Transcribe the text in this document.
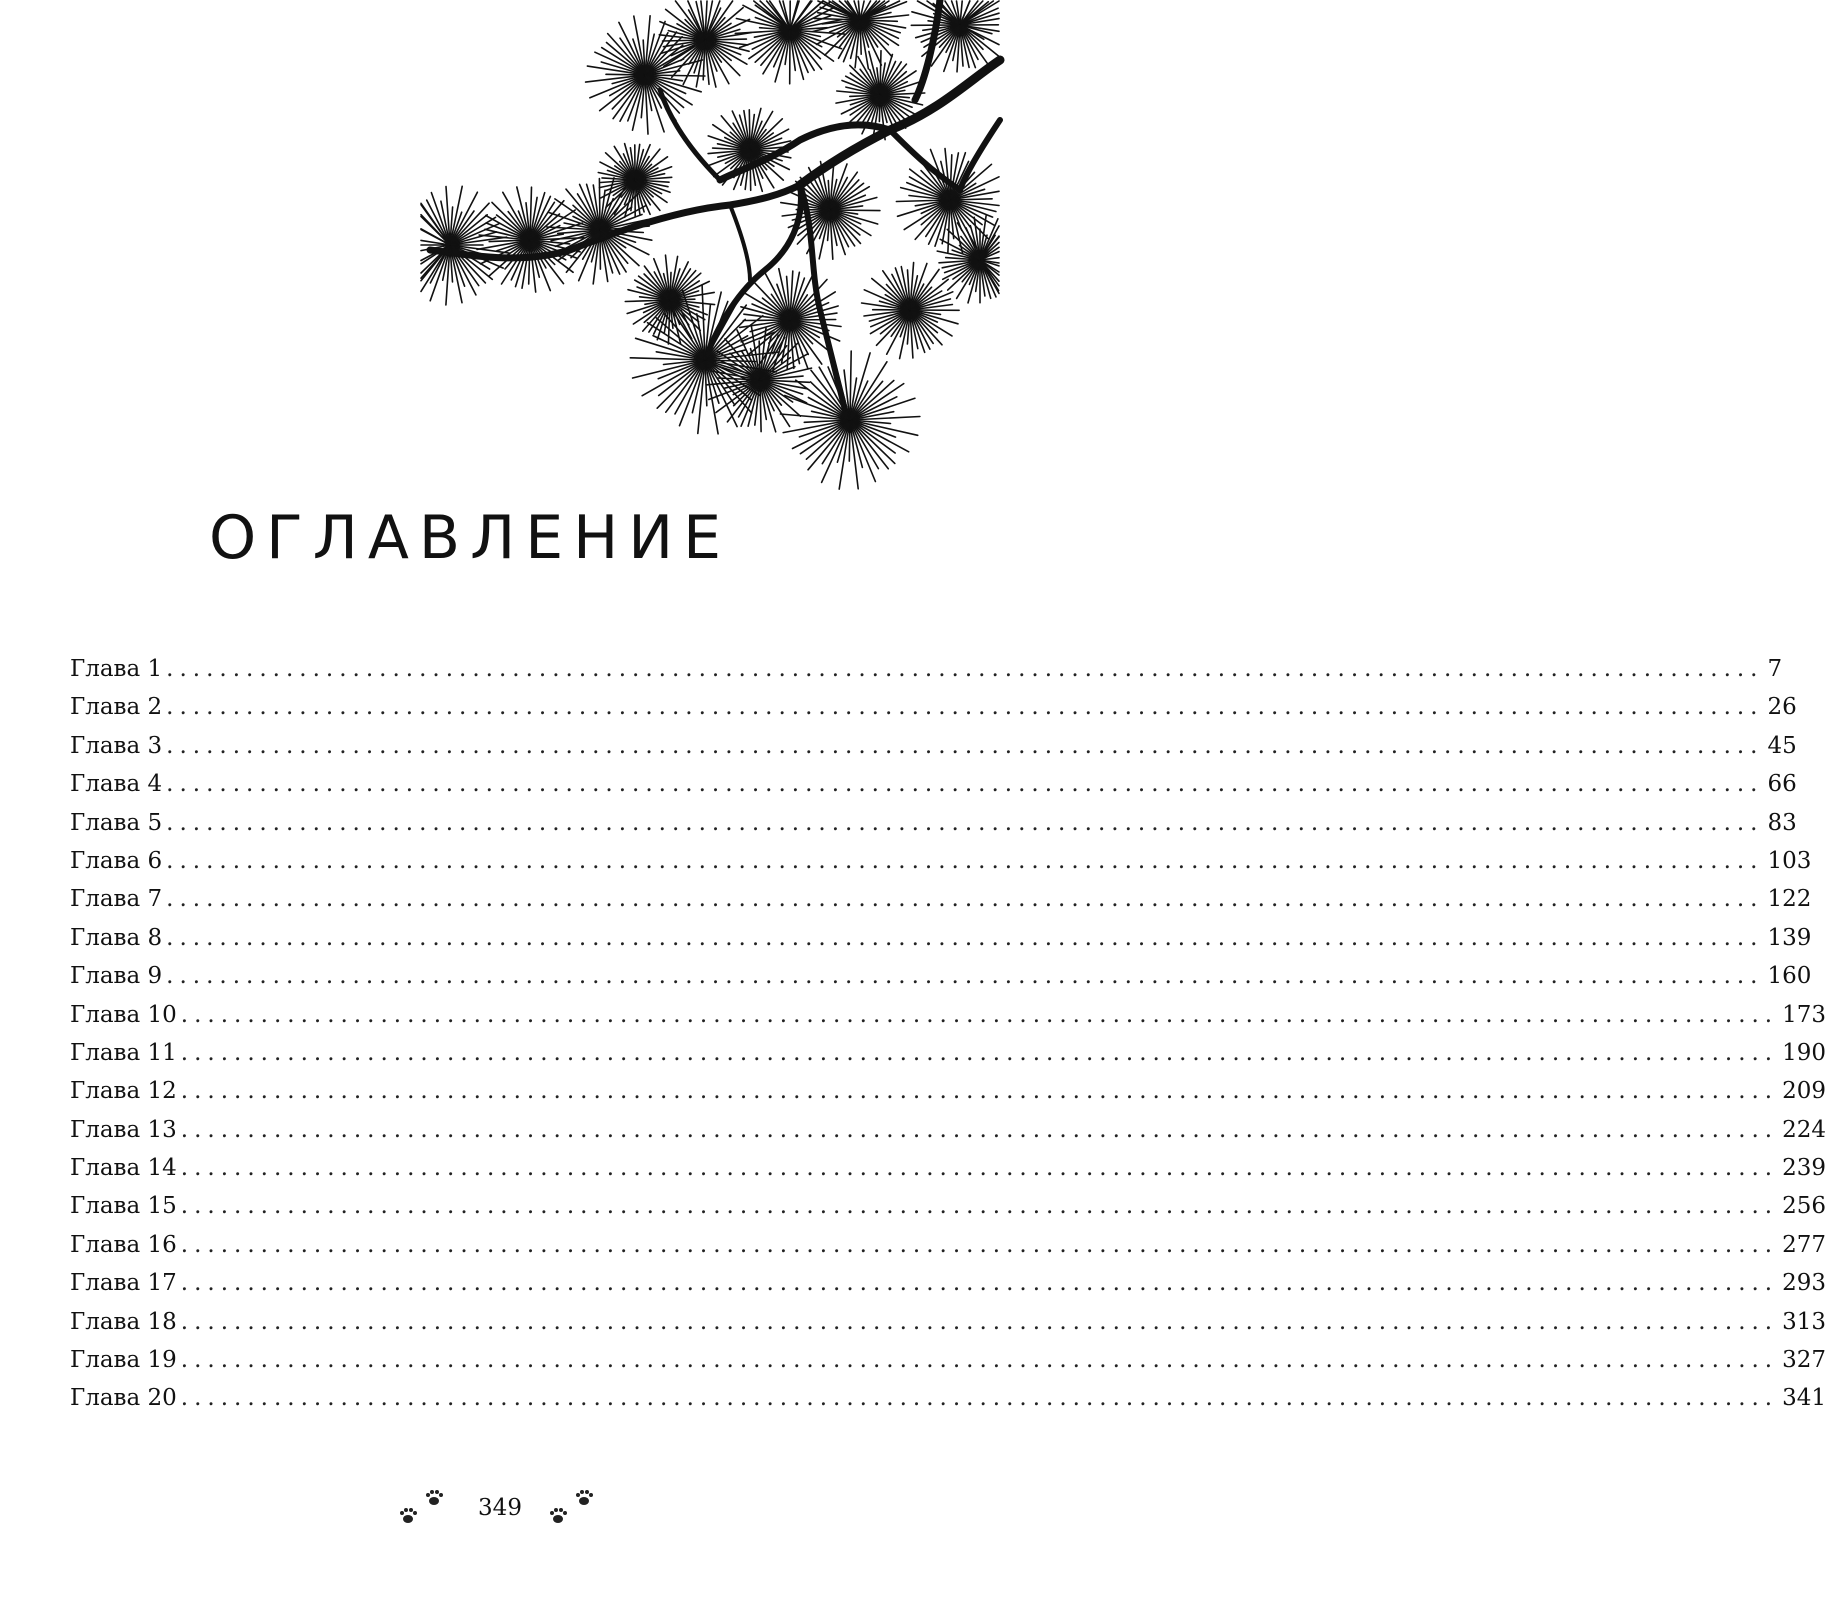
ОГЛАВЛЕНИЕ
Глава 1 ........................................................................................................................ 7
Глава 2 ........................................................................................................................ 26
Глава 3 ........................................................................................................................ 45
Глава 4 ........................................................................................................................ 66
Глава 5 ........................................................................................................................ 83
Глава 6 ........................................................................................................................ 103
Глава 7 ........................................................................................................................ 122
Глава 8 ........................................................................................................................ 139
Глава 9 ........................................................................................................................ 160
Глава 10 ........................................................................................................................ 173
Глава 11 ........................................................................................................................ 190
Глава 12 ........................................................................................................................ 209
Глава 13 ........................................................................................................................ 224
Глава 14 ........................................................................................................................ 239
Глава 15 ........................................................................................................................ 256
Глава 16 ........................................................................................................................ 277
Глава 17 ........................................................................................................................ 293
Глава 18 ........................................................................................................................ 313
Глава 19 ........................................................................................................................ 327
Глава 20 ........................................................................................................................ 341
349
